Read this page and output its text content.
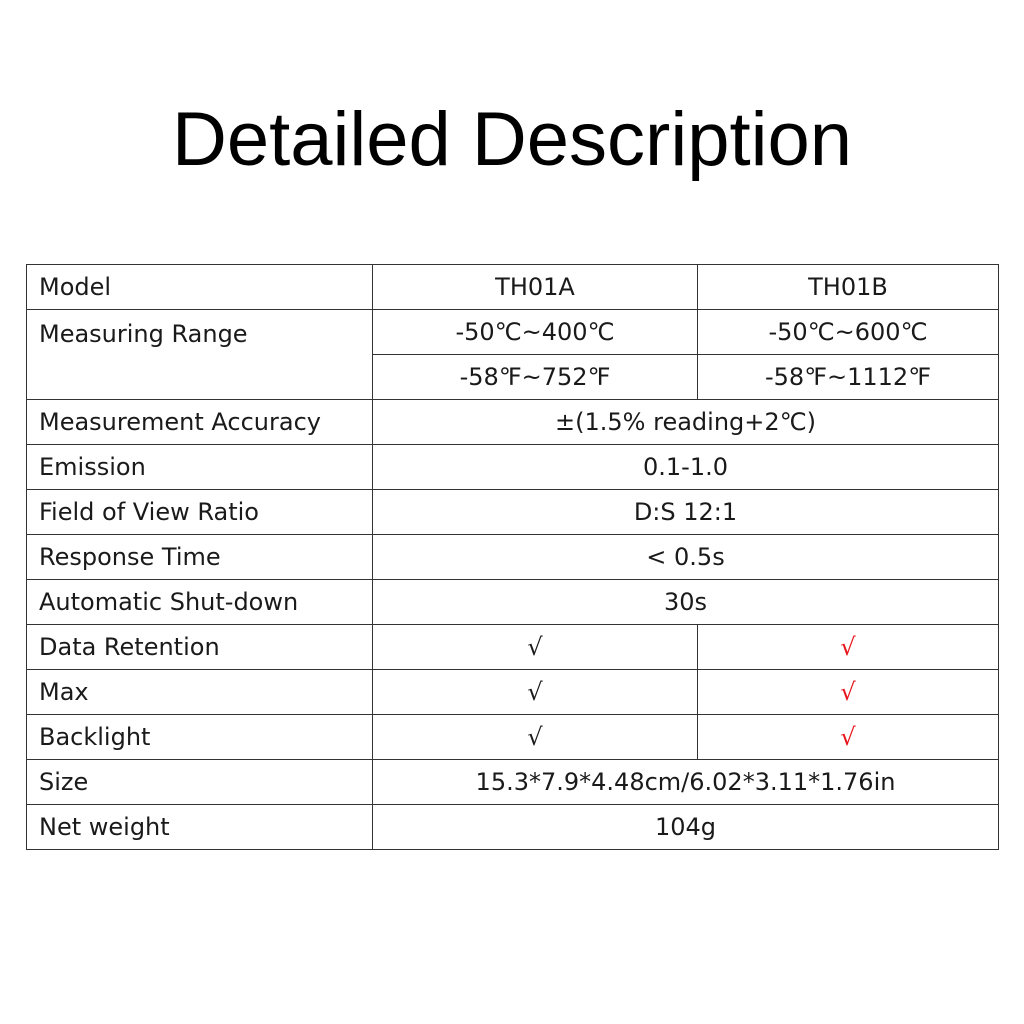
Detailed Description
Model	TH01A	TH01B
Measuring Range	-50℃~400℃	-50℃~600℃
	-58℉~752℉	-58℉~1112℉
Measurement Accuracy	±(1.5% reading+2℃)	
Emission	0.1-1.0	
Field of View Ratio	D:S 12:1	
Response Time	< 0.5s	
Automatic Shut-down	30s	
Data Retention	√	√
Max	√	√
Backlight	√	√
Size	15.3*7.9*4.48cm/6.02*3.11*1.76in	
Net weight	104g	
